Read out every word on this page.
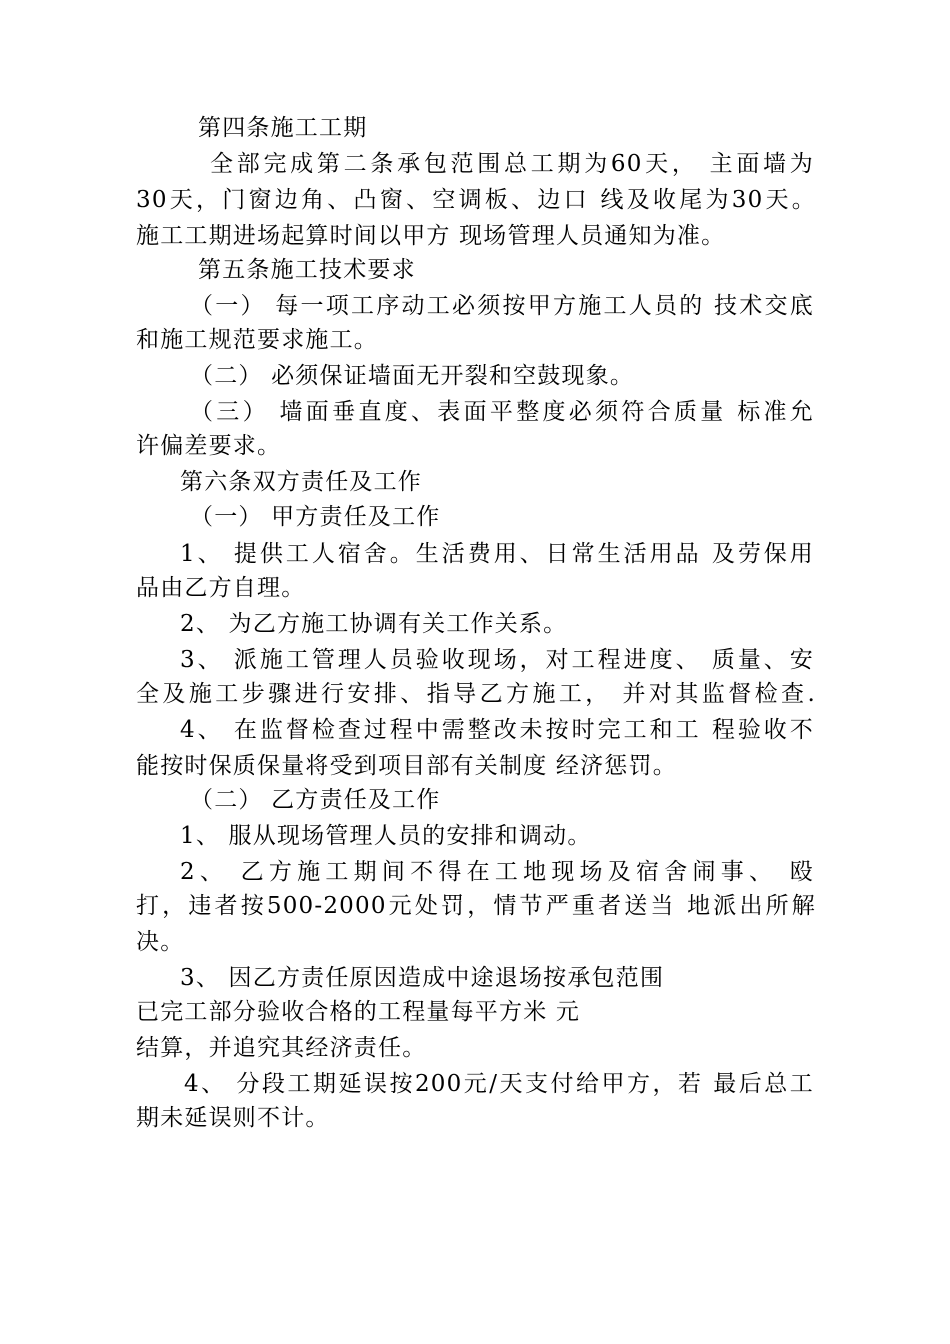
第四条施工工期
全部完成第二条承包范围总工期为60天， 主面墙为
30天，门窗边角、凸窗、空调板、边口 线及收尾为30天。
施工工期进场起算时间以甲方 现场管理人员通知为准。
第五条施工技术要求
（一） 每一项工序动工必须按甲方施工人员的 技术交底
和施工规范要求施工。
（二） 必须保证墙面无开裂和空鼓现象。
（三） 墙面垂直度、表面平整度必须符合质量 标准允
许偏差要求。
第六条双方责任及工作
（一） 甲方责任及工作
1、 提供工人宿舍。生活费用、日常生活用品 及劳保用
品由乙方自理。
2、 为乙方施工协调有关工作关系。
3、 派施工管理人员验收现场，对工程进度、 质量、安
全及施工步骤进行安排、指导乙方施工， 并对其监督检查.
4、 在监督检查过程中需整改未按时完工和工 程验收不
能按时保质保量将受到项目部有关制度 经济惩罚。
（二） 乙方责任及工作
1、 服从现场管理人员的安排和调动。
2、 乙方施工期间不得在工地现场及宿舍闹事、 殴
打，违者按500-2000元处罚，情节严重者送当 地派出所解
决。
3、 因乙方责任原因造成中途退场按承包范围
已完工部分验收合格的工程量每平方米 元
结算，并追究其经济责任。
4、 分段工期延误按200元/天支付给甲方，若 最后总工
期未延误则不计。
